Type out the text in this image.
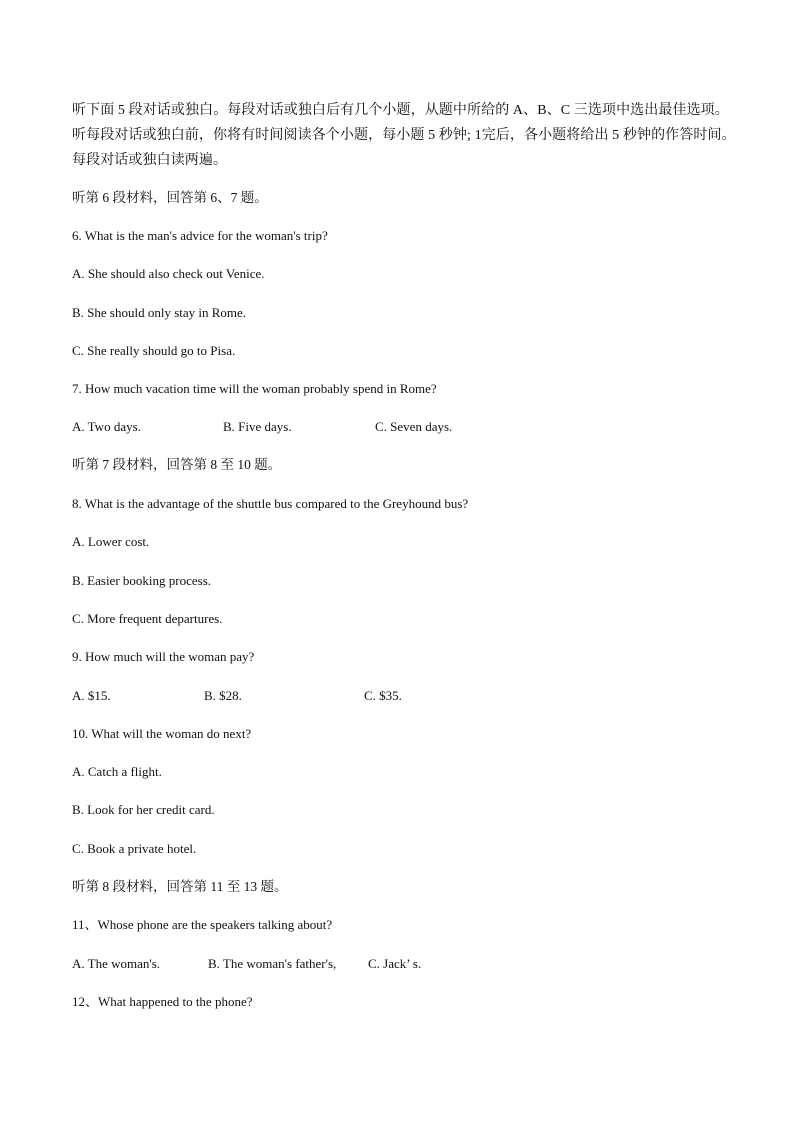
听下面 5 段对话或独白。每段对话或独白后有几个小题，从题中所给的 A、B、C 三选项中选出最佳选项。
听每段对话或独白前，你将有时间阅读各个小题，每小题 5 秒钟; 1完后，各小题将给出 5 秒钟的作答时间。
每段对话或独白读两遍。
听第 6 段材料，回答第 6、7 题。
6. What is the man's advice for the woman's trip?
A. She should also check out Venice.
B. She should only stay in Rome.
C. She really should go to Pisa.
7. How much vacation time will the woman probably spend in Rome?
A. Two days.	B. Five days.	C. Seven days.
听第 7 段材料，回答第 8 至 10 题。
8. What is the advantage of the shuttle bus compared to the Greyhound bus?
A. Lower cost.
B. Easier booking process.
C. More frequent departures.
9. How much will the woman pay?
A. $15.	B. $28.	C. $35.
10. What will the woman do next?
A. Catch a flight.
B. Look for her credit card.
C. Book a private hotel.
听第 8 段材料，回答第 11 至 13 题。
11、Whose phone are the speakers talking about?
A. The woman's.	B. The woman's father's, C. Jack’ s.
12、What happened to the phone?
